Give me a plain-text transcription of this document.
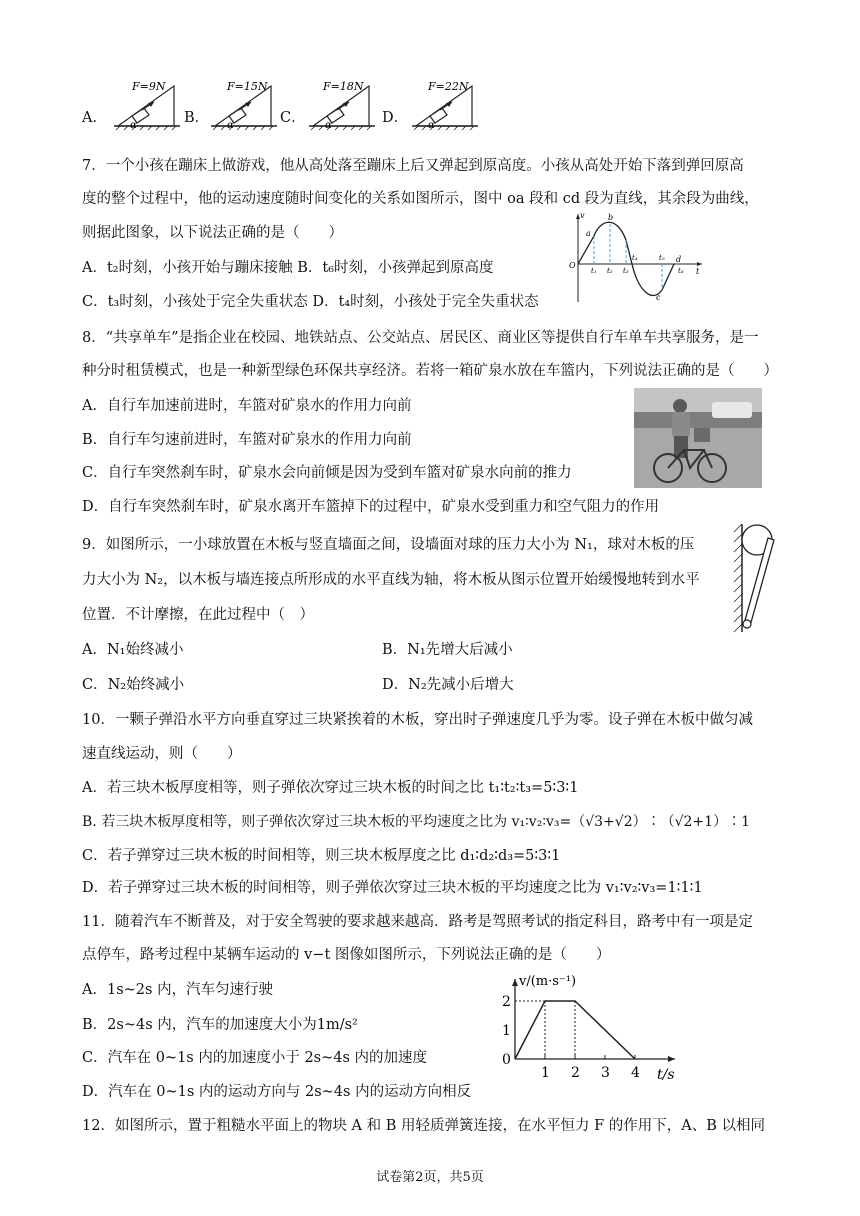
A．
F=9N
α	B．
F=15N
α	C．
F=18N
α	D．
F=22N
α
7．一个小孩在蹦床上做游戏，他从高处落至蹦床上后又弹起到原高度。小孩从高处开始下落到弹回原高
度的整个过程中，他的运动速度随时间变化的关系如图所示，图中 oa 段和 cd 段为直线，其余段为曲线，
则据此图象，以下说法正确的是（　　）
A．t₂时刻，小孩开始与蹦床接触 B．t₆时刻，小孩弹起到原高度
C．t₃时刻，小孩处于完全失重状态 D．t₄时刻，小孩处于完全失重状态
v
t
O
a
b
c
d
t₁ t₂ t₃
t₄	t₅
t₆
8．“共享单车”是指企业在校园、地铁站点、公交站点、居民区、商业区等提供自行车单车共享服务，是一
种分时租赁模式，也是一种新型绿色环保共享经济。若将一箱矿泉水放在车篮内，下列说法正确的是（　　）
A．自行车加速前进时，车篮对矿泉水的作用力向前
B．自行车匀速前进时，车篮对矿泉水的作用力向前
C．自行车突然刹车时，矿泉水会向前倾是因为受到车篮对矿泉水向前的推力
D．自行车突然刹车时，矿泉水离开车篮掉下的过程中，矿泉水受到重力和空气阻力的作用
9．如图所示，一小球放置在木板与竖直墙面之间，设墙面对球的压力大小为 N₁，球对木板的压
力大小为 N₂，以木板与墙连接点所形成的水平直线为轴，将木板从图示位置开始缓慢地转到水平
位置．不计摩擦，在此过程中（　）
A．N₁始终减小	B．N₁先增大后减小
C．N₂始终减小	D．N₂先减小后增大
10．一颗子弹沿水平方向垂直穿过三块紧挨着的木板，穿出时子弹速度几乎为零。设子弹在木板中做匀减
速直线运动，则（　　）
A．若三块木板厚度相等，则子弹依次穿过三块木板的时间之比 t₁∶t₂∶t₃=5∶3∶1
B. 若三块木板厚度相等，则子弹依次穿过三块木板的平均速度之比为 v₁∶v₂∶v₃=（√3+√2）∶（√2+1）∶1
C．若子弹穿过三块木板的时间相等，则三块木板厚度之比 d₁∶d₂∶d₃=5∶3∶1
D．若子弹穿过三块木板的时间相等，则子弹依次穿过三块木板的平均速度之比为 v₁∶v₂∶v₃=1∶1∶1
11．随着汽车不断普及，对于安全驾驶的要求越来越高．路考是驾照考试的指定科目，路考中有一项是定
点停车，路考过程中某辆车运动的 v−t 图像如图所示，下列说法正确的是（　　）
A．1s~2s 内，汽车匀速行驶
B．2s~4s 内，汽车的加速度大小为1m/s²
C．汽车在 0~1s 内的加速度小于 2s~4s 内的加速度
D．汽车在 0~1s 内的运动方向与 2s~4s 内的运动方向相反
v/(m·s⁻¹)
t/s
1 2 3 4
0
1
2
12．如图所示，置于粗糙水平面上的物块 A 和 B 用轻质弹簧连接，在水平恒力 F 的作用下，A、B 以相同
试卷第2页，共5页
